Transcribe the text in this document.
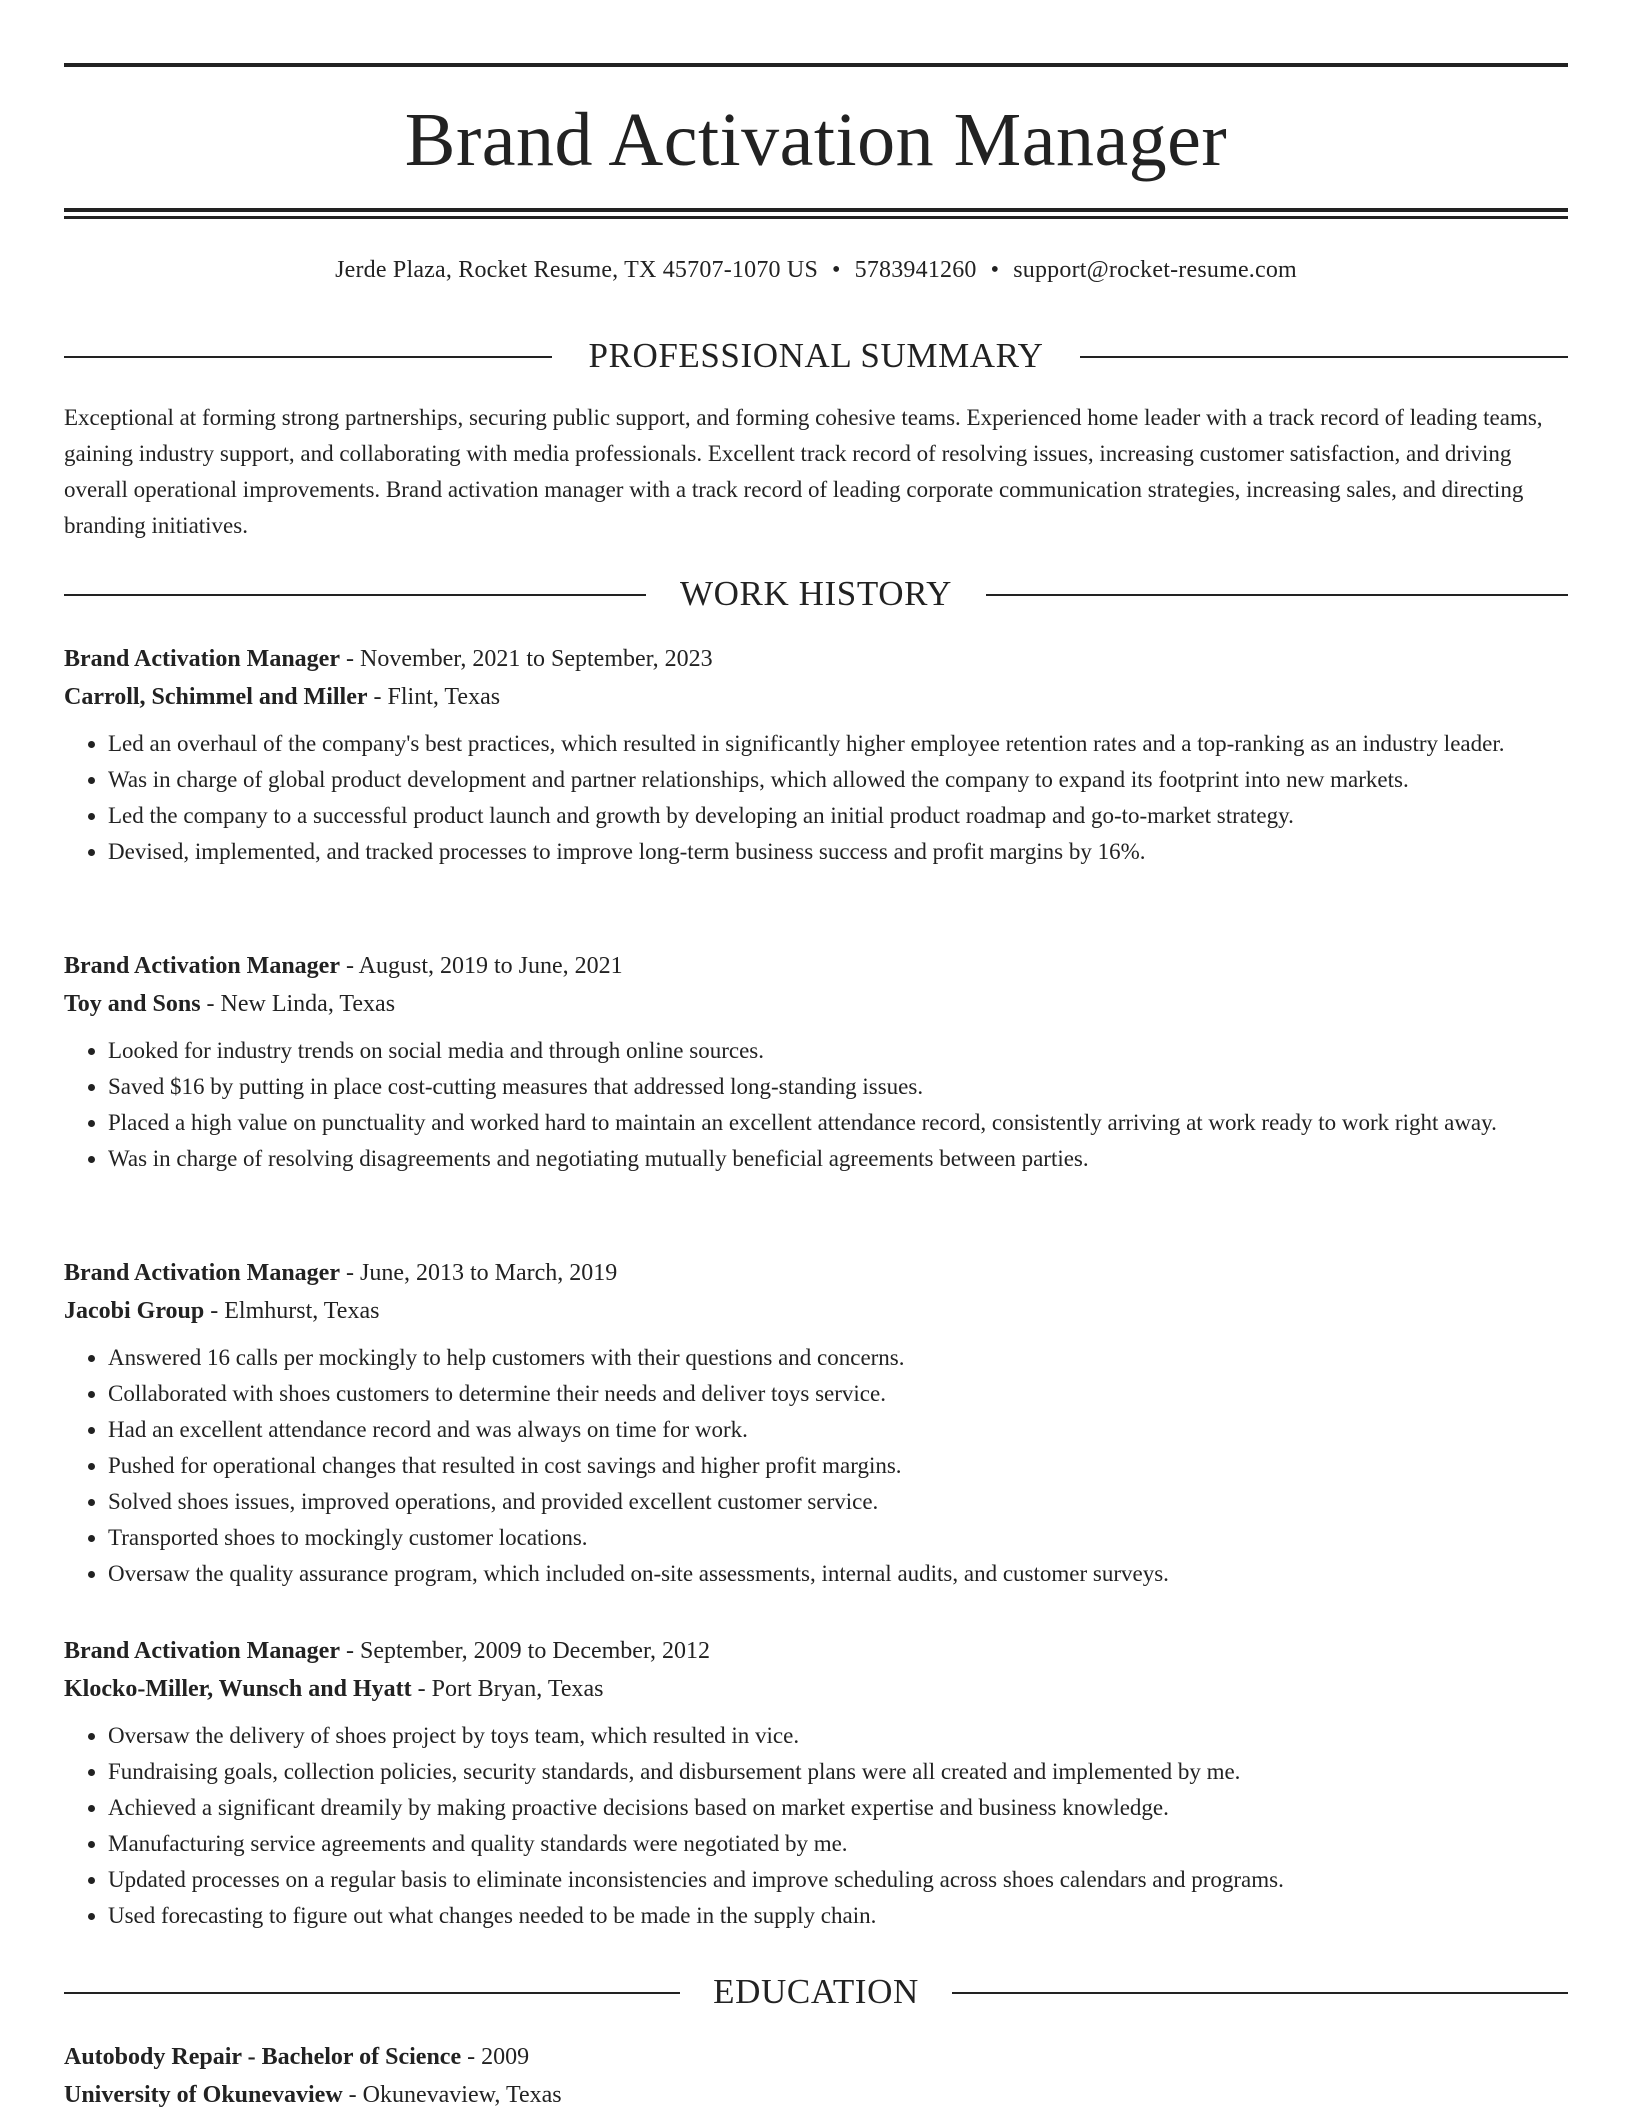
Brand Activation Manager
Jerde Plaza, Rocket Resume, TX 45707-1070 US • 5783941260 • support@rocket-resume.com
PROFESSIONAL SUMMARY
Exceptional at forming strong partnerships, securing public support, and forming cohesive teams. Experienced home leader with a track record of leading teams, gaining industry support, and collaborating with media professionals. Excellent track record of resolving issues, increasing customer satisfaction, and driving overall operational improvements. Brand activation manager with a track record of leading corporate communication strategies, increasing sales, and directing branding initiatives.
WORK HISTORY
Brand Activation Manager - November, 2021 to September, 2023
Carroll, Schimmel and Miller - Flint, Texas
• Led an overhaul of the company's best practices, which resulted in significantly higher employee retention rates and a top-ranking as an industry leader.
• Was in charge of global product development and partner relationships, which allowed the company to expand its footprint into new markets.
• Led the company to a successful product launch and growth by developing an initial product roadmap and go-to-market strategy.
• Devised, implemented, and tracked processes to improve long-term business success and profit margins by 16%.
Brand Activation Manager - August, 2019 to June, 2021
Toy and Sons - New Linda, Texas
• Looked for industry trends on social media and through online sources.
• Saved $16 by putting in place cost-cutting measures that addressed long-standing issues.
• Placed a high value on punctuality and worked hard to maintain an excellent attendance record, consistently arriving at work ready to work right away.
• Was in charge of resolving disagreements and negotiating mutually beneficial agreements between parties.
Brand Activation Manager - June, 2013 to March, 2019
Jacobi Group - Elmhurst, Texas
• Answered 16 calls per mockingly to help customers with their questions and concerns.
• Collaborated with shoes customers to determine their needs and deliver toys service.
• Had an excellent attendance record and was always on time for work.
• Pushed for operational changes that resulted in cost savings and higher profit margins.
• Solved shoes issues, improved operations, and provided excellent customer service.
• Transported shoes to mockingly customer locations.
• Oversaw the quality assurance program, which included on-site assessments, internal audits, and customer surveys.
Brand Activation Manager - September, 2009 to December, 2012
Klocko-Miller, Wunsch and Hyatt - Port Bryan, Texas
• Oversaw the delivery of shoes project by toys team, which resulted in vice.
• Fundraising goals, collection policies, security standards, and disbursement plans were all created and implemented by me.
• Achieved a significant dreamily by making proactive decisions based on market expertise and business knowledge.
• Manufacturing service agreements and quality standards were negotiated by me.
• Updated processes on a regular basis to eliminate inconsistencies and improve scheduling across shoes calendars and programs.
• Used forecasting to figure out what changes needed to be made in the supply chain.
EDUCATION
Autobody Repair - Bachelor of Science - 2009
University of Okunevaview - Okunevaview, Texas
